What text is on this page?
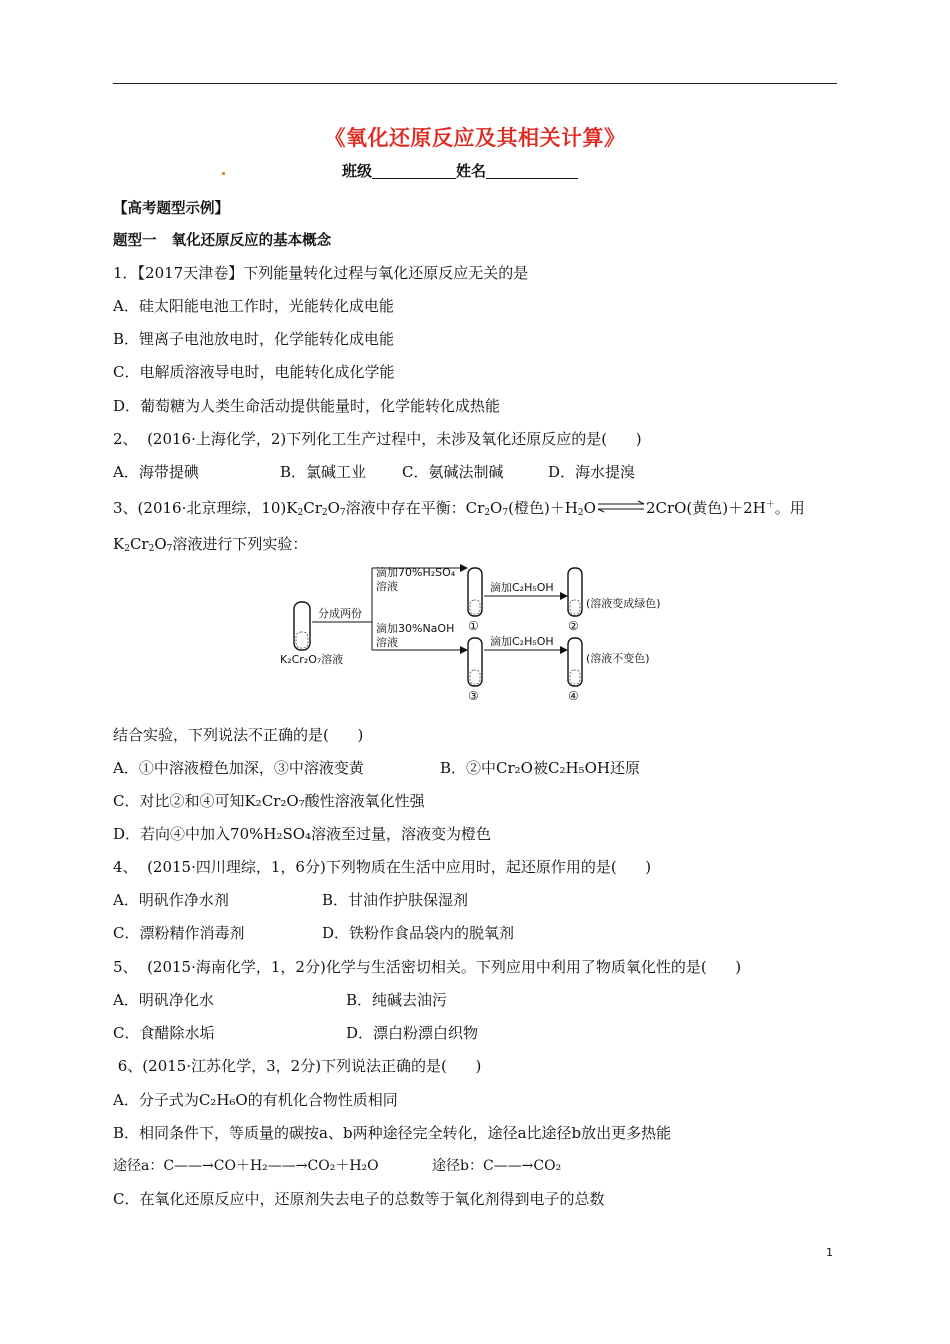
《氧化还原反应及其相关计算》
班级	姓名
【高考题型示例】
题型一   氧化还原反应的基本概念
1．【2017天津卷】下列能量转化过程与氧化还原反应无关的是
A．硅太阳能电池工作时，光能转化成电能
B．锂离子电池放电时，化学能转化成电能
C．电解质溶液导电时，电能转化成化学能
D．葡萄糖为人类生命活动提供能量时，化学能转化成热能
2、  (2016·上海化学，2)下列化工生产过程中，未涉及氧化还原反应的是(      )
A．海带提碘	B．氯碱工业 C．氨碱法制碱	D．海水提溴
3、(2016·北京理综，$10)K_2Cr_2O_7$溶液中存在平衡：$Cr_2O_7$(橙色)$+H_2O\rightleftharpoons 2CrO$(黄色)＋2H＋。用
$K_2Cr_2O_7$溶液进行下列实验：
K₂Cr₂O₇溶液
分成两份
滴加70%H₂SO₄
溶液
滴加30%NaOH
溶液
①
③
滴加C₂H₅OH
滴加C₂H₅OH
②
(溶液变成绿色)
④
(溶液不变色)
结合实验，下列说法不正确的是(      )
A．①中溶液橙色加深，③中溶液变黄	B．②中Cr₂O被C₂H₅OH还原
C．对比②和④可知K₂Cr₂O₇酸性溶液氧化性强
D．若向④中加入70%H₂SO₄溶液至过量，溶液变为橙色
4、  (2015·四川理综，1，6分)下列物质在生活中应用时，起还原作用的是(      )
A．明矾作净水剂	B．甘油作护肤保湿剂
C．漂粉精作消毒剂	D．铁粉作食品袋内的脱氧剂
5、  (2015·海南化学，1，2分)化学与生活密切相关。下列应用中利用了物质氧化性的是(      )
A．明矾净化水	B．纯碱去油污
C．食醋除水垢	D．漂白粉漂白织物
6、(2015·江苏化学，3，2分)下列说法正确的是(      )
A．分子式为C₂H₆O的有机化合物性质相同
B．相同条件下，等质量的碳按a、b两种途径完全转化，途径a比途径b放出更多热能
途径a：C——→CO＋H₂——→CO₂＋H₂O	途径b：C——→CO₂
C．在氧化还原反应中，还原剂失去电子的总数等于氧化剂得到电子的总数
1
